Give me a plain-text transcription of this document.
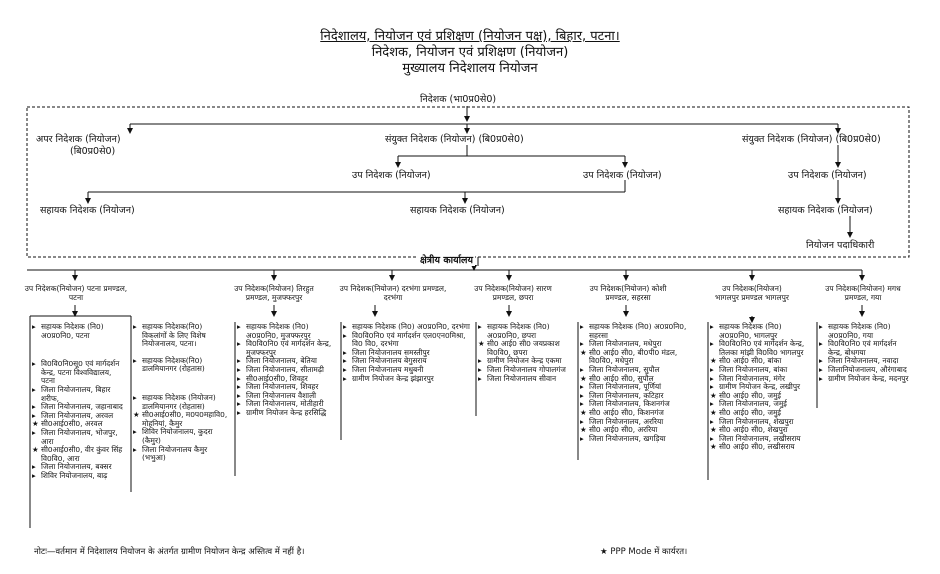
निदेशालय, नियोजन एवं प्रशिक्षण (नियोजन पक्ष), बिहार, पटना।
निदेशक, नियोजन एवं प्रशिक्षण (नियोजन)
मुख्यालय निदेशालय नियोजन
निदेशक (भा0प्र0से0)
अपर निदेशक (नियोजन)
(बि0प्र0से0)
संयुक्त निदेशक (नियोजन) (बि0प्र0से0)	संयुक्त निदेशक (नियोजन) (बि0प्र0से0)
उप निदेशक (नियोजन)	उप निदेशक (नियोजन)	उप निदेशक (नियोजन)
सहायक निदेशक (नियोजन)	सहायक निदेशक (नियोजन)	सहायक निदेशक (नियोजन)
नियोजन पदाधिकारी
क्षेत्रीय कार्यालय
उप निदेशक(नियोजन) पटना प्रमण्डल, पटना
उप निदेशक(नियोजन) तिरहुत प्रमण्डल, मुजफ्फरपुर
उप निदेशक(नियोजन) दरभंगा प्रमण्डल, दरभंगा
उप निदेशक(नियोजन) सारण प्रमण्डल, छपरा
उप निदेशक(नियोजन) कोशी प्रमण्डल, सहरसा
उप निदेशक(नियोजन) भागलपुर प्रमण्डल भागलपुर
उप निदेशक(नियोजन) मगध प्रमण्डल, गया
▸ सहायक निदेशक (नि0) अ0प्र0नि0, पटना
▸ वि0वि0नि0सू0 एवं मार्गदर्शन केन्द्र, पटना विश्वविद्यालय, पटना
▸ जिला नियोजनालय, बिहार शरीफ,
▸ जिला नियोजनालय, जहानाबाद
▸ जिला नियोजनालय, अरवल
★ सी0आई0सी0, अरवल
▸ जिला नियोजनालय, भोजपुर, आरा
★ सी0आई0सी0, वीर कुंवर सिंह वि0वि0, आरा
▸ जिला नियोजनालय, बक्सर
▸ शिविर नियोजनालय, बाढ़
▸ सहायक निदेशक(नि0) विकलांगों के लिए विशेष नियोजनालय, पटना।
▸ सहायक निदेशक(नि0) डालमियानगर (रोहतास)
▸ सहायक निदेशक (नियोजन) डालमियानगर (रोहतास)
★ सी0आई0सी0, म0प0महावि0, मोहनियां, कैमुर
▸ शिविर नियोजनालय, कुदरा (कैमुर)
▸ जिला नियोजनालय कैमुर (भभुआ)
▸ सहायक निदेशक (नि0) अ0प्र0नि0, मुजफ्फरपुर
▸ वि0वि0नि0 एवं मार्गदर्शन केन्द्र, मुजफ्फरपुर
▸ जिला नियोजनालय, बेतिया
▸ जिला नियोजनालय, सीतामढ़ी
▸ सी0आई0सी0, शिवहर
▸ जिला नियोजनालय, शिवहर
▸ जिला नियोजनालय वैशाली
▸ जिला नियोजनालय, मोतीहारी
▸ ग्रामीण नियोजन केन्द्र हरसिद्धि
▸ सहायक निदेशक (नि0) अ0प्र0नि0, दरभंगा
▸ वि0वि0नि0 एवं मार्गदर्शन एल0एन0मिश्रा, वि0 वि0, दरभंगा
▸ जिला नियोजनालय समस्तीपुर
▸ जिला नियोजनालय बेगुसराय
▸ जिला नियोजनालय मधुबनी
▸ ग्रामीण नियोजन केन्द्र झंझारपुर
▸ सहायक निदेशक (नि0) अ0प्र0नि0, छपरा
★ सी0 आई0 सी0 जयप्रकाश वि0वि0, छपरा
▸ ग्रामीण नियोजन केन्द्र एकमा
▸ जिला नियोजनालय गोपालगंज
▸ जिला नियोजनालय सीवान
▸ सहायक निदेशक (नि0) अ0प्र0नि0, सहरसा
▸ जिला नियोजनालय, मधेपुरा
★ सी0 आई0 सी0, बी0पी0 मंडल, वि0वि0, मधेपुरा
▸ जिला नियोजनालय, सुपौल
★ सी0 आई0 सी0, सुपौल
▸ जिला नियोजनालय, पूर्णियां
▸ जिला नियोजनालय, कटिहार
▸ जिला नियोजनालय, किशनगंज
★ सी0 आई0 सी0, किशनगंज
▸ जिला नियोजनालय, अररिया
★ सी0 आई0 सी0, अररिया
▸ जिला नियोजनालय, खगड़िया
▸ सहायक निदेशक (नि0) अ0प्र0नि0, भागलपुर
▸ वि0वि0नि0 एवं मार्गदर्शन केन्द्र, तिलका मांझी वि0वि0 भागलपुर
★ सी0 आई0 सी0, बांका
▸ जिला नियोजनालय, बांका
▸ जिला नियोजनालय, मंगेर
▸ ग्रामीण नियोजन केन्द्र, लखीपुर
★ सी0 आई0 सी0, जमुई
▸ जिला नियोजनालय, जमुई
★ सी0 आई0 सी0, जमुई
▸ जिला नियोजनालय, शेखपुरा
★ सी0 आई0 सी0, शेखपुरा
▸ जिला नियोजनालय, लखीसराय
★ सी0 आई0 सी0, लखीसराय
▸ सहायक निदेशक (नि0) अ0प्र0नि0, गया
▸ वि0वि0नि0 एवं मार्गदर्शन केन्द्र, बोधगया
▸ जिला नियोजनालय, नवादा
▸ जिलानियोजनालय, औरंगाबाद
▸ ग्रामीण नियोजन केन्द्र, मदनपुर
नोटः—वर्तमान में निदेशालय नियोजन के अंतर्गत ग्रामीण नियोजन केन्द्र अस्तित्व में नहीं है।	★ PPP Mode में कार्यरत।
